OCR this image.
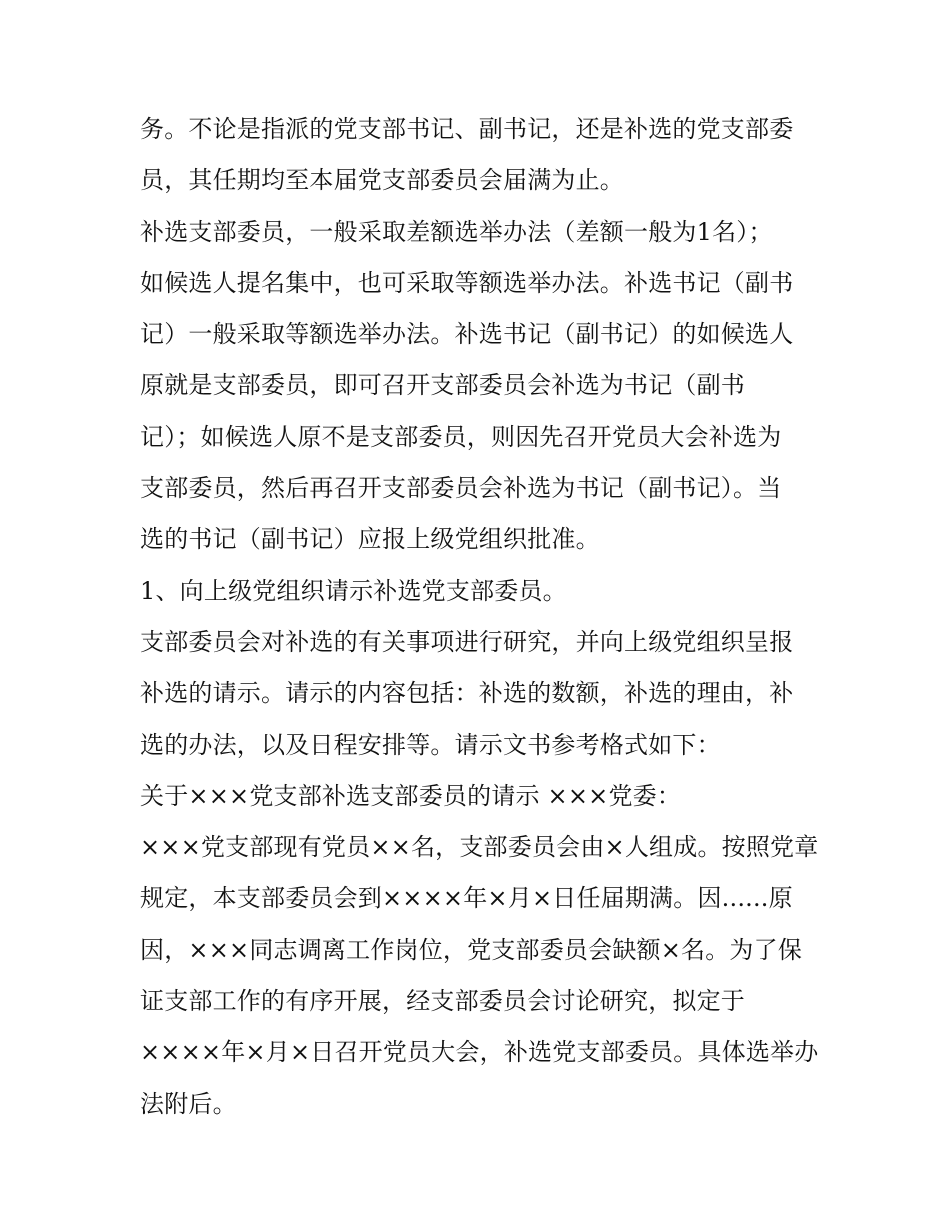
务。不论是指派的党支部书记、副书记，还是补选的党支部委
员，其任期均至本届党支部委员会届满为止。
补选支部委员，一般采取差额选举办法（差额一般为1名）；
如候选人提名集中，也可采取等额选举办法。补选书记（副书
记）一般采取等额选举办法。补选书记（副书记）的如候选人
原就是支部委员，即可召开支部委员会补选为书记（副书
记）；如候选人原不是支部委员，则因先召开党员大会补选为
支部委员，然后再召开支部委员会补选为书记（副书记）。当
选的书记（副书记）应报上级党组织批准。
1、向上级党组织请示补选党支部委员。
支部委员会对补选的有关事项进行研究，并向上级党组织呈报
补选的请示。请示的内容包括：补选的数额，补选的理由，补
选的办法，以及日程安排等。请示文书参考格式如下：
关于×××党支部补选支部委员的请示 ×××党委：
×××党支部现有党员××名，支部委员会由×人组成。按照党章
规定，本支部委员会到××××年×月×日任届期满。因......原
因，×××同志调离工作岗位，党支部委员会缺额×名。为了保
证支部工作的有序开展，经支部委员会讨论研究，拟定于
××××年×月×日召开党员大会，补选党支部委员。具体选举办
法附后。
